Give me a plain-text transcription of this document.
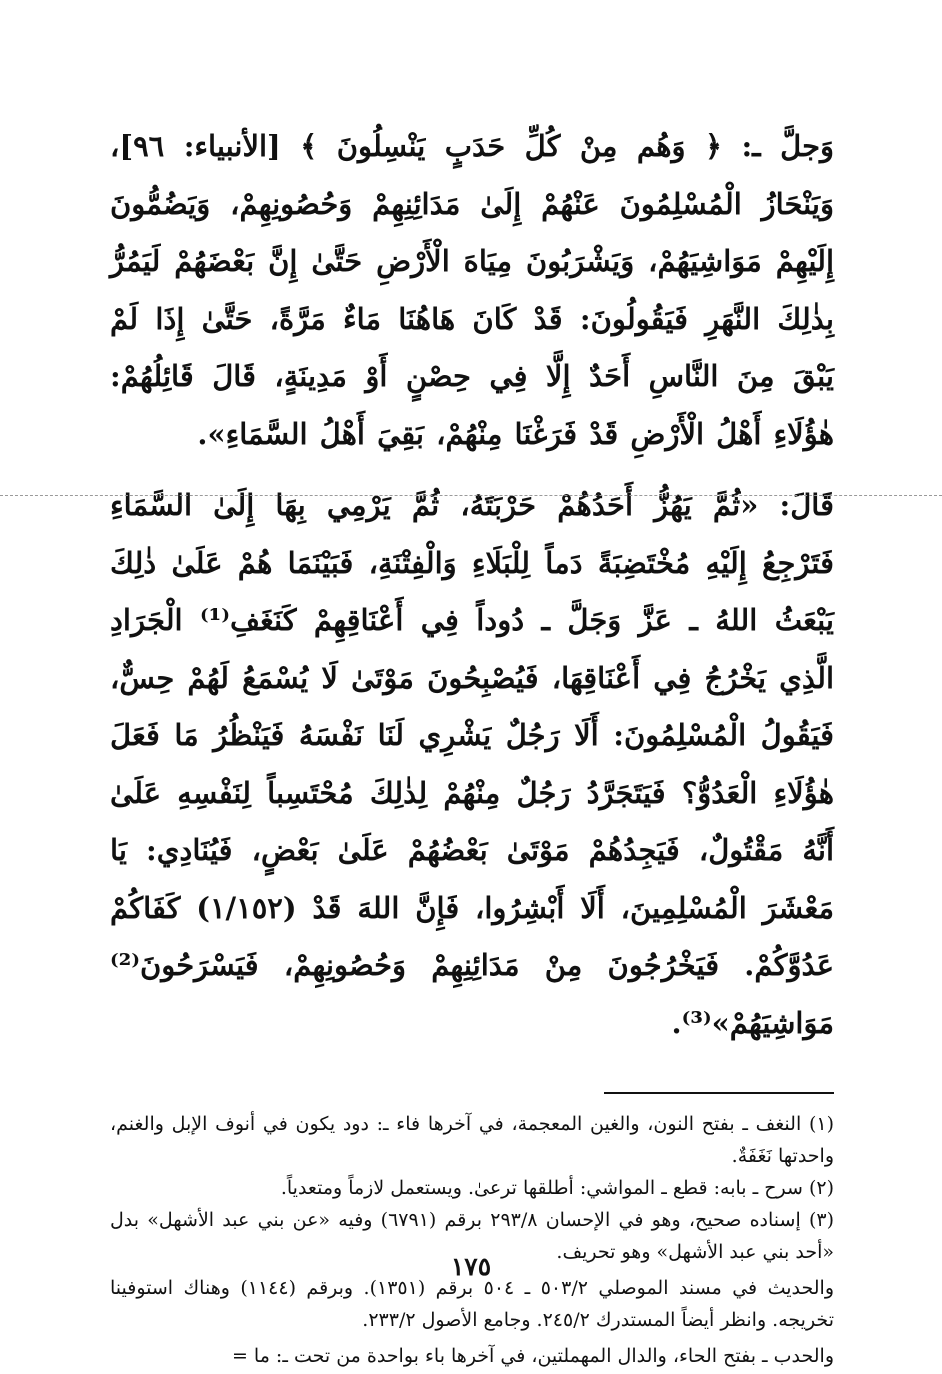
وَجلَّ ـ: ﴿ وَهُم مِنْ كُلِّ حَدَبٍ يَنْسِلُونَ ﴾ [الأنبياء: ٩٦]، وَيَنْحَازُ الْمُسْلِمُونَ عَنْهُمْ إِلَىٰ مَدَائِنِهِمْ وَحُصُونِهِمْ، وَيَضُمُّونَ إِلَيْهِمْ مَوَاشِيَهُمْ، وَيَشْرَبُونَ مِيَاهَ الْأَرْضِ حَتَّىٰ إِنَّ بَعْضَهُمْ لَيَمُرُّ بِذٰلِكَ النَّهَرِ فَيَقُولُونَ: قَدْ كَانَ هَاهُنَا مَاءٌ مَرَّةً، حَتَّىٰ إِذَا لَمْ يَبْقَ مِنَ النَّاسِ أَحَدٌ إِلَّا فِي حِصْنٍ أَوْ مَدِينَةٍ، قَالَ قَائِلُهُمْ: هٰؤُلَاءِ أَهْلُ الْأَرْضِ قَدْ فَرَغْنَا مِنْهُمْ، بَقِيَ أَهْلُ السَّمَاءِ».

قَالَ: «ثُمَّ يَهُزُّ أَحَدُهُمْ حَرْبَتَهُ، ثُمَّ يَرْمِي بِهَا إِلَىٰ السَّمَاءِ فَتَرْجِعُ إِلَيْهِ مُخْتَضِبَةً دَماً لِلْبَلَاءِ وَالْفِتْنَةِ، فَبَيْنَمَا هُمْ عَلَىٰ ذٰلِكَ يَبْعَثُ اللهُ ـ عَزَّ وَجَلَّ ـ دُوداً فِي أَعْنَاقِهِمْ كَنَغَفِ⁽¹⁾ الْجَرَادِ الَّذِي يَخْرُجُ فِي أَعْنَاقِهَا، فَيُصْبِحُونَ مَوْتَىٰ لَا يُسْمَعُ لَهُمْ حِسٌّ، فَيَقُولُ الْمُسْلِمُونَ: أَلَا رَجُلٌ يَشْرِي لَنَا نَفْسَهُ فَيَنْظُرُ مَا فَعَلَ هٰؤُلَاءِ الْعَدُوُّ؟ فَيَتَجَرَّدُ رَجُلٌ مِنْهُمْ لِذٰلِكَ مُحْتَسِباً لِنَفْسِهِ عَلَىٰ أَنَّهُ مَقْتُولٌ، فَيَجِدُهُمْ مَوْتَىٰ بَعْضُهُمْ عَلَىٰ بَعْضٍ، فَيُنَادِي: يَا مَعْشَرَ الْمُسْلِمِينَ، أَلَا أَبْشِرُوا، فَإِنَّ اللهَ قَدْ (١/١٥٢) كَفَاكُمْ عَدُوَّكُمْ. فَيَخْرُجُونَ مِنْ مَدَائِنِهِمْ وَحُصُونِهِمْ، فَيَسْرَحُونَ⁽²⁾ مَوَاشِيَهُمْ»⁽³⁾.

(١) النغف ـ بفتح النون، والغين المعجمة، في آخرها فاء ـ: دود يكون في أنوف الإبل والغنم، واحدتها نَغَفَةٌ.

(٢) سرح ـ بابه: قطع ـ المواشي: أطلقها ترعىٰ. ويستعمل لازماً ومتعدياً.

(٣) إسناده صحيح، وهو في الإحسان ٢٩٣/٨ برقم (٦٧٩١) وفيه «عن بني عبد الأشهل» بدل «أحد بني عبد الأشهل» وهو تحريف.

والحديث في مسند الموصلي ٥٠٣/٢ ـ ٥٠٤ برقم (١٣٥١). وبرقم (١١٤٤) وهناك استوفينا تخريجه. وانظر أيضاً المستدرك ٢٤٥/٢. وجامع الأصول ٢٣٣/٢.

والحدب ـ بفتح الحاء، والدال المهملتين، في آخرها باء بواحدة من تحت ـ: ما =

١٧٥
